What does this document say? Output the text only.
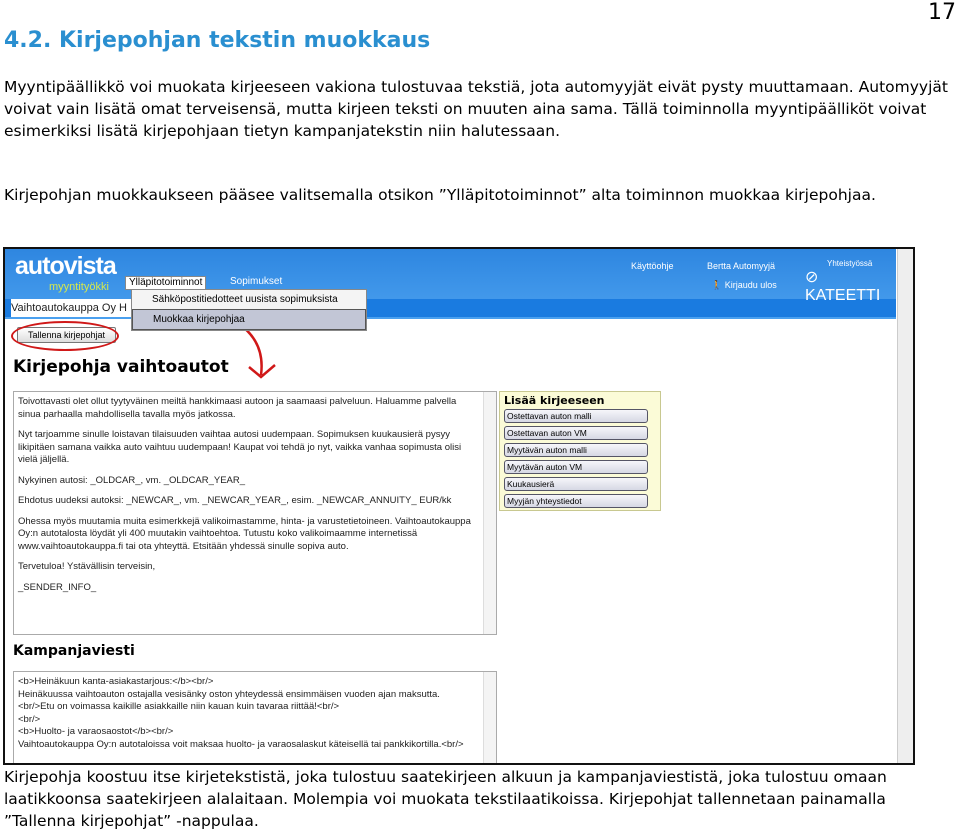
17
4.2. Kirjepohjan tekstin muokkaus

Myyntipäällikkö voi muokata kirjeeseen vakiona tulostuvaa tekstiä, jota automyyjät eivät pysty muuttamaan. Automyyjät voivat vain lisätä omat terveisensä, mutta kirjeen teksti on muuten aina sama. Tällä toiminnolla myyntipäälliköt voivat esimerkiksi lisätä kirjepohjaan tietyn kampanjatekstin niin halutessaan.

Kirjepohjan muokkaukseen pääsee valitsemalla otsikon ”Ylläpitotoiminnot” alta toiminnon muokkaa kirjepohjaa.

autovista
myyntityökki	Ylläpitotoiminnot	Sopimukset
Käyttöohje	Bertta Automyyjä
🚶 Kirjaudu ulos
Yhteistyössä
⊘ KATEETTI
Vaihtoautokauppa Oy H
Sähköpostitiedotteet uusista sopimuksista
Muokkaa kirjepohjaa
Tallenna kirjepohjat
Kirjepohja vaihtoautot

Toivottavasti olet ollut tyytyväinen meiltä hankkimaasi autoon ja saamaasi palveluun. Haluamme palvella sinua parhaalla mahdollisella tavalla myös jatkossa.

Nyt tarjoamme sinulle loistavan tilaisuuden vaihtaa autosi uudempaan. Sopimuksen kuukausierä pysyy likipitäen samana vaikka auto vaihtuu uudempaan! Kaupat voi tehdä jo nyt, vaikka vanhaa sopimusta olisi vielä jäljellä.

Nykyinen autosi: _OLDCAR_, vm. _OLDCAR_YEAR_

Ehdotus uudeksi autoksi: _NEWCAR_, vm. _NEWCAR_YEAR_, esim. _NEWCAR_ANNUITY_ EUR/kk

Ohessa myös muutamia muita esimerkkejä valikoimastamme, hinta- ja varustetietoineen. Vaihtoautokauppa Oy:n autotalosta löydät yli 400 muutakin vaihtoehtoa. Tutustu koko valikoimaamme internetissä www.vaihtoautokauppa.fi tai ota yhteyttä. Etsitään yhdessä sinulle sopiva auto.

Tervetuloa! Ystävällisin terveisin,

_SENDER_INFO_

Lisää kirjeeseen
Ostettavan auton malli
Ostettavan auton VM
Myytävän auton malli
Myytävän auton VM
Kuukausierä
Myyjän yhteystiedot
Kampanjaviesti
<b>Heinäkuun kanta-asiakastarjous:</b><br/>
Heinäkuussa vaihtoauton ostajalla vesisänky oston yhteydessä ensimmäisen vuoden ajan maksutta.
<br/>Etu on voimassa kaikille asiakkaille niin kauan kuin tavaraa riittää!<br/>
<br/>
<b>Huolto- ja varaosaostot</b><br/>
Vaihtoautokauppa Oy:n autotaloissa voit maksaa huolto- ja varaosalaskut käteisellä tai pankkikortilla.<br/>

Kirjepohja koostuu itse kirjetekstistä, joka tulostuu saatekirjeen alkuun ja kampanjaviestistä, joka tulostuu omaan laatikkoonsa saatekirjeen alalaitaan. Molempia voi muokata tekstilaatikoissa. Kirjepohjat tallennetaan painamalla ”Tallenna kirjepohjat” -nappulaa.
